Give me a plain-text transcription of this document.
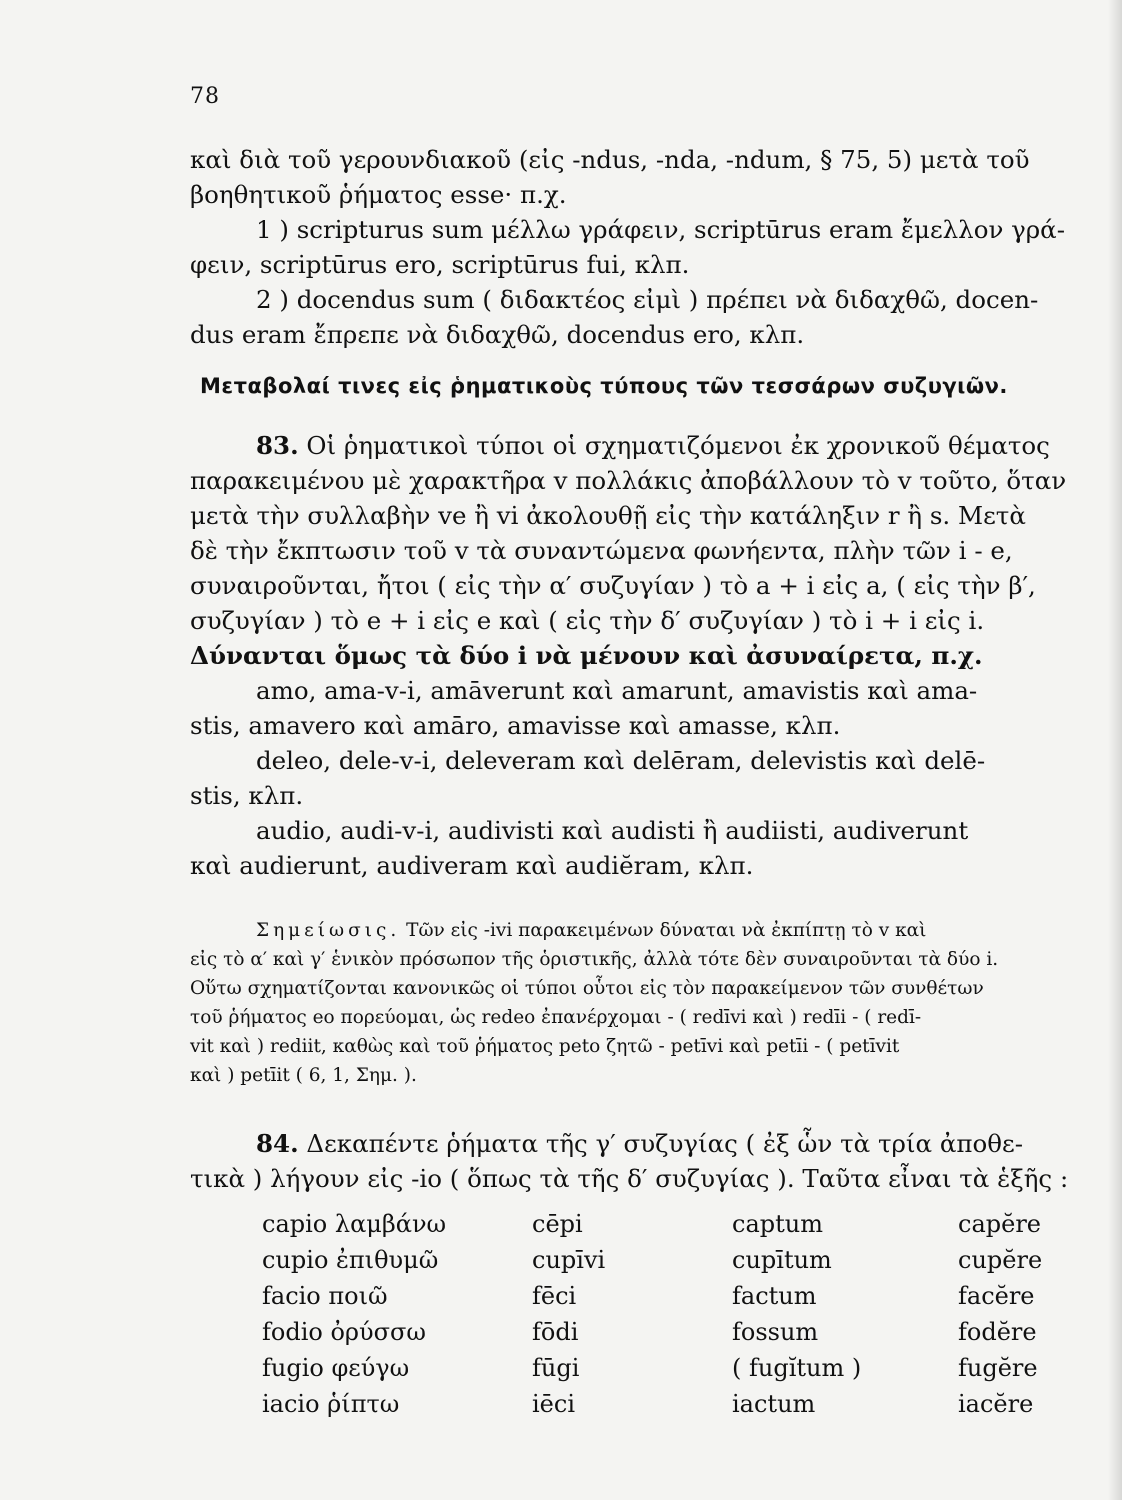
78
καὶ διὰ τοῦ γερουνδιακοῦ (εἰς -ndus, -nda, -ndum, § 75, 5) μετὰ τοῦ
βοηθητικοῦ ῥήματος esse· π.χ.
1 ) scripturus sum μέλλω γράφειν, scriptūrus eram ἔμελλον γρά-
φειν, scriptūrus ero, scriptūrus fui, κλπ.
2 ) docendus sum ( διδακτέος εἰμὶ ) πρέπει νὰ διδαχθῶ, docen-
dus eram ἔπρεπε νὰ διδαχθῶ, docendus ero, κλπ.
Μεταβολαί τινες εἰς ῥηματικοὺς τύπους τῶν τεσσάρων συζυγιῶν.
83. Οἱ ῥηματικοὶ τύποι οἱ σχηματιζόμενοι ἐκ χρονικοῦ θέματος
παρακειμένου μὲ χαρακτῆρα v πολλάκις ἀποβάλλουν τὸ v τοῦτο, ὅταν
μετὰ τὴν συλλαβὴν ve ἢ vi ἀκολουθῇ εἰς τὴν κατάληξιν r ἢ s. Μετὰ
δὲ τὴν ἔκπτωσιν τοῦ v τὰ συναντώμενα φωνήεντα, πλὴν τῶν i - e,
συναιροῦνται, ἤτοι ( εἰς τὴν α′ συζυγίαν ) τὸ a + i εἰς a, ( εἰς τὴν β′,
συζυγίαν ) τὸ e + i εἰς e καὶ ( εἰς τὴν δ′ συζυγίαν ) τὸ i + i εἰς i.
Δύνανται ὅμως τὰ δύο i νὰ μένουν καὶ ἀσυναίρετα, π.χ.
amo, ama-v-i, amāverunt καὶ amarunt, amavistis καὶ ama-
stis, amavero καὶ amāro, amavisse καὶ amasse, κλπ.
deleo, dele-v-i, deleveram καὶ delēram, delevistis καὶ delē-
stis, κλπ.
audio, audi-v-i, audivisti καὶ audisti ἢ audiisti, audiverunt
καὶ audierunt, audiveram καὶ audiĕram, κλπ.
Σημείωσις. Τῶν εἰς -ivi παρακειμένων δύναται νὰ ἐκπίπτῃ τὸ v καὶ
εἰς τὸ α′ καὶ γ′ ἑνικὸν πρόσωπον τῆς ὁριστικῆς, ἀλλὰ τότε δὲν συναιροῦνται τὰ δύο i.
Οὕτω σχηματίζονται κανονικῶς οἱ τύποι οὗτοι εἰς τὸν παρακείμενον τῶν συνθέτων
τοῦ ῥήματος eo πορεύομαι, ὡς redeo ἐπανέρχομαι - ( redīvi καὶ ) redīi - ( redī-
vit καὶ ) rediit, καθὼς καὶ τοῦ ῥήματος peto ζητῶ - petīvi καὶ petīi - ( petīvit
καὶ ) petīit ( 6, 1, Σημ. ).
84. Δεκαπέντε ῥήματα τῆς γ′ συζυγίας ( ἐξ ὧν τὰ τρία ἀποθε-
τικὰ ) λήγουν εἰς -io ( ὅπως τὰ τῆς δ′ συζυγίας ). Ταῦτα εἶναι τὰ ἑξῆς :
capio λαμβάνω	cēpi	captum	capĕre
cupio ἐπιθυμῶ	cupīvi	cupītum	cupĕre
facio ποιῶ	fēci	factum	facĕre
fodio ὀρύσσω	fōdi	fossum	fodĕre
fugio φεύγω	fūgi	( fugĭtum )	fugĕre
iacio ῥίπτω	iēci	iactum	iacĕre
